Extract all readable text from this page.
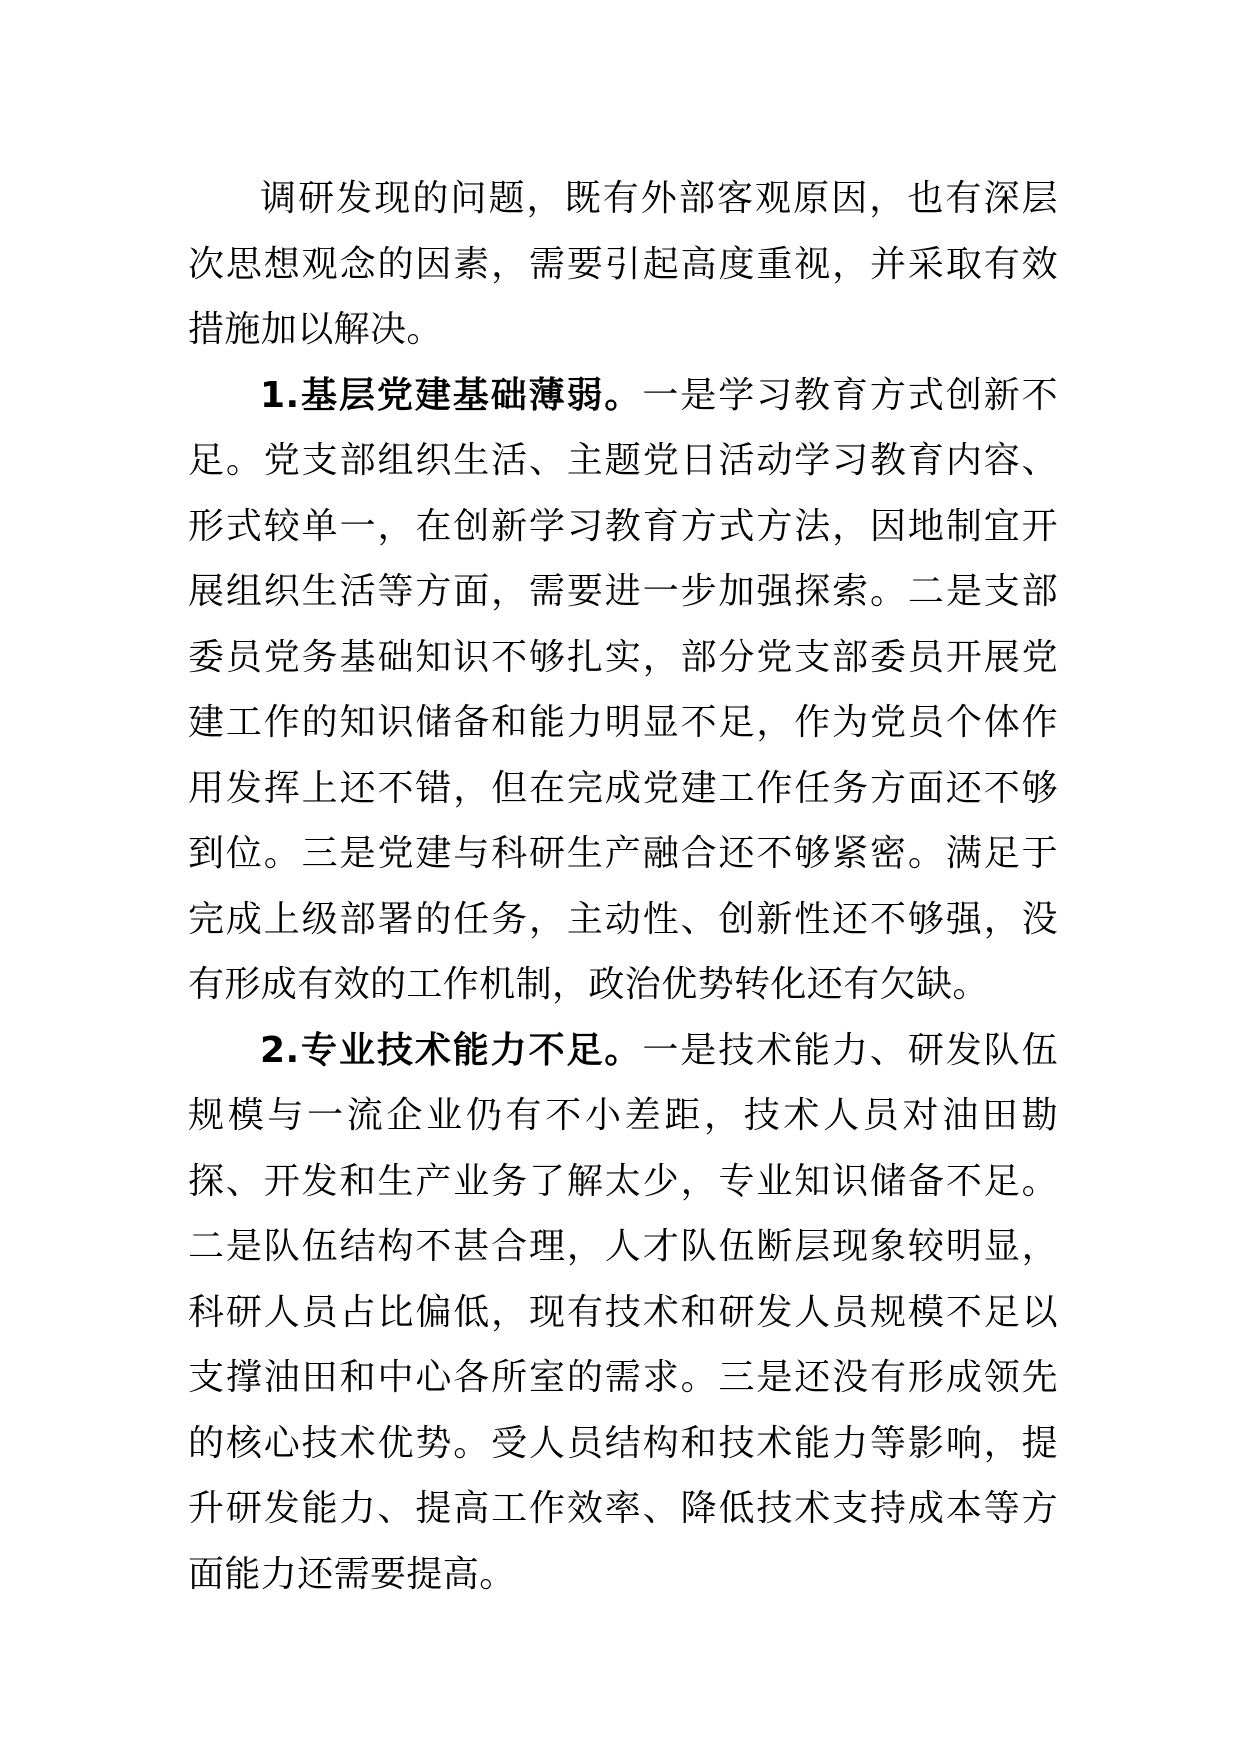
调研发现的问题，既有外部客观原因，也有深层次思想观念的因素，需要引起高度重视，并采取有效措施加以解决。

1.基层党建基础薄弱。一是学习教育方式创新不足。党支部组织生活、主题党日活动学习教育内容、形式较单一，在创新学习教育方式方法，因地制宜开展组织生活等方面，需要进一步加强探索。二是支部委员党务基础知识不够扎实，部分党支部委员开展党建工作的知识储备和能力明显不足，作为党员个体作用发挥上还不错，但在完成党建工作任务方面还不够到位。三是党建与科研生产融合还不够紧密。满足于完成上级部署的任务，主动性、创新性还不够强，没有形成有效的工作机制，政治优势转化还有欠缺。

2.专业技术能力不足。一是技术能力、研发队伍规模与一流企业仍有不小差距，技术人员对油田勘探、开发和生产业务了解太少，专业知识储备不足。二是队伍结构不甚合理，人才队伍断层现象较明显，科研人员占比偏低，现有技术和研发人员规模不足以支撑油田和中心各所室的需求。三是还没有形成领先的核心技术优势。受人员结构和技术能力等影响，提升研发能力、提高工作效率、降低技术支持成本等方面能力还需要提高。
